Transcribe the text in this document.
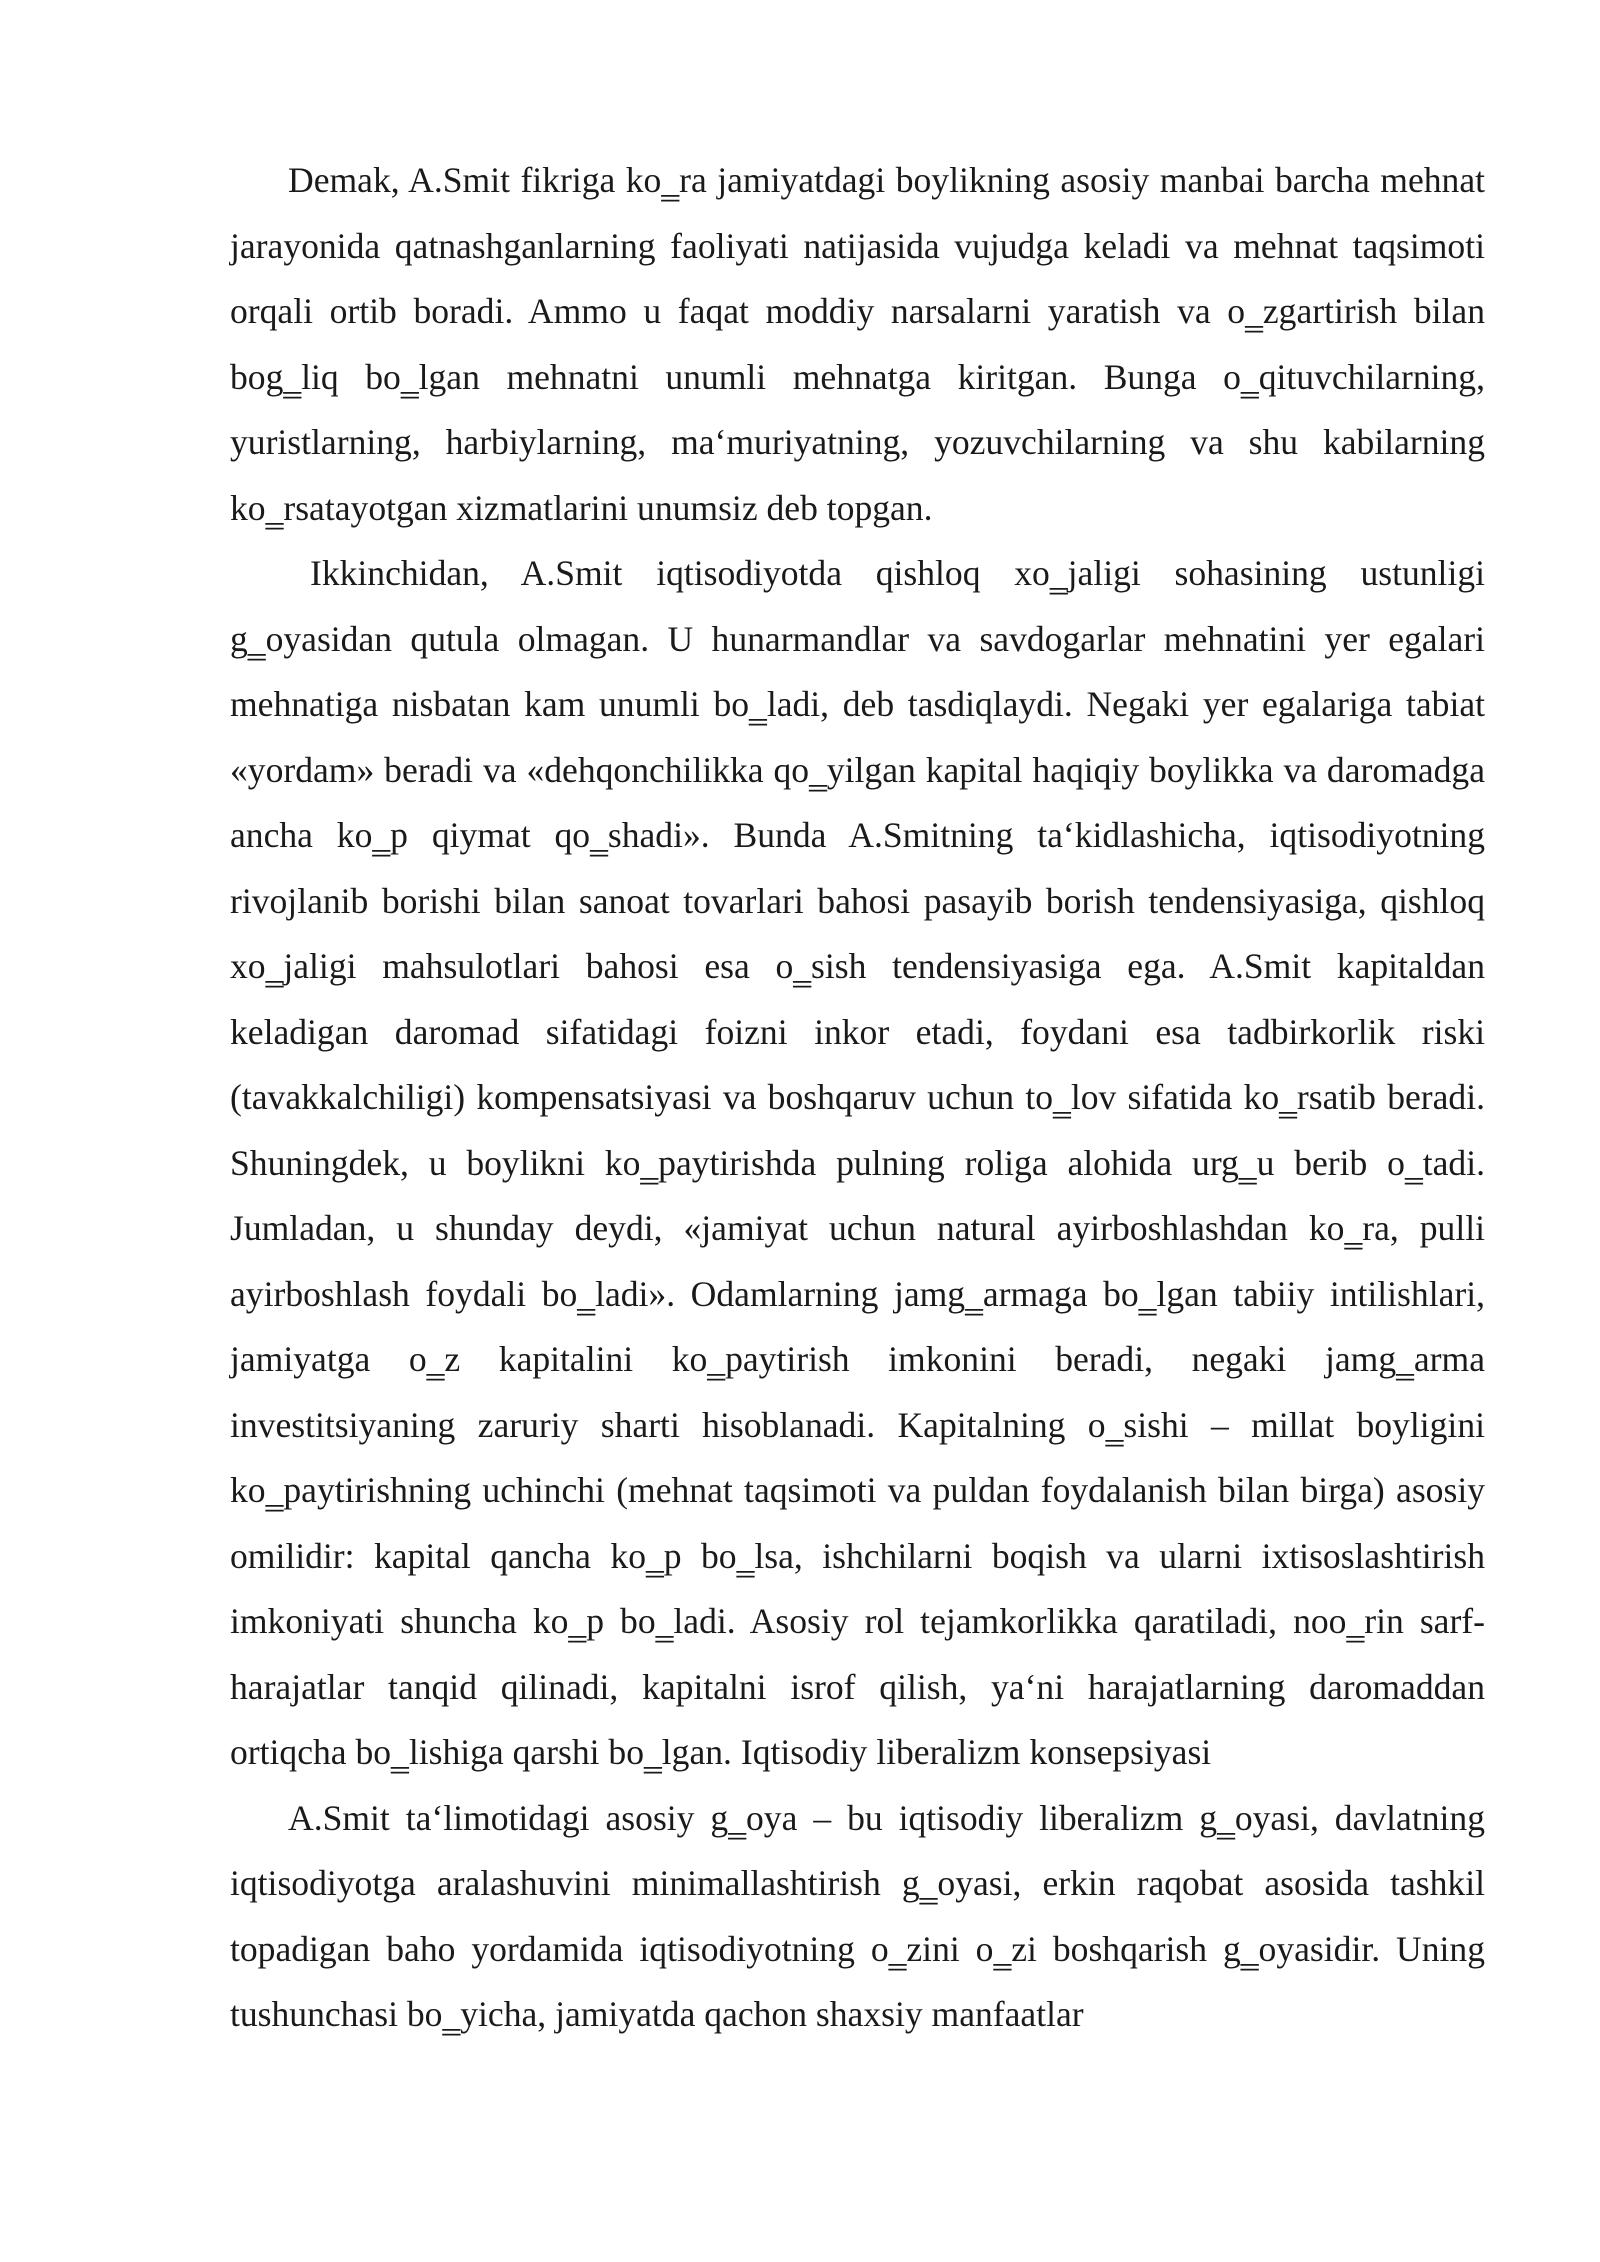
Demak, A.Smit fikriga ko‗ra jamiyatdagi boylikning asosiy manbai barcha mehnat jarayonida qatnashganlarning faoliyati natijasida vujudga keladi va mehnat taqsimoti orqali ortib boradi. Ammo u faqat moddiy narsalarni yaratish va o‗zgartirish bilan bog‗liq bo‗lgan mehnatni unumli mehnatga kiritgan. Bunga o‗qituvchilarning, yuristlarning, harbiylarning, ma‘muriyatning, yozuvchilarning va shu kabilarning ko‗rsatayotgan xizmatlarini unumsiz deb topgan.

Ikkinchidan, A.Smit iqtisodiyotda qishloq xo‗jaligi sohasining ustunligi g‗oyasidan qutula olmagan. U hunarmandlar va savdogarlar mehnatini yer egalari mehnatiga nisbatan kam unumli bo‗ladi, deb tasdiqlaydi. Negaki yer egalariga tabiat «yordam» beradi va «dehqonchilikka qo‗yilgan kapital haqiqiy boylikka va daromadga ancha ko‗p qiymat qo‗shadi». Bunda A.Smitning ta‘kidlashicha, iqtisodiyotning rivojlanib borishi bilan sanoat tovarlari bahosi pasayib borish tendensiyasiga, qishloq xo‗jaligi mahsulotlari bahosi esa o‗sish tendensiyasiga ega. A.Smit kapitaldan keladigan daromad sifatidagi foizni inkor etadi, foydani esa tadbirkorlik riski (tavakkalchiligi) kompensatsiyasi va boshqaruv uchun to‗lov sifatida ko‗rsatib beradi. Shuningdek, u boylikni ko‗paytirishda pulning roliga alohida urg‗u berib o‗tadi. Jumladan, u shunday deydi, «jamiyat uchun natural ayirboshlashdan ko‗ra, pulli ayirboshlash foydali bo‗ladi». Odamlarning jamg‗armaga bo‗lgan tabiiy intilishlari, jamiyatga o‗z kapitalini ko‗paytirish imkonini beradi, negaki jamg‗arma investitsiyaning zaruriy sharti hisoblanadi. Kapitalning o‗sishi – millat boyligini ko‗paytirishning uchinchi (mehnat taqsimoti va puldan foydalanish bilan birga) asosiy omilidir: kapital qancha ko‗p bo‗lsa, ishchilarni boqish va ularni ixtisoslashtirish imkoniyati shuncha ko‗p bo‗ladi. Asosiy rol tejamkorlikka qaratiladi, noo‗rin sarf-harajatlar tanqid qilinadi, kapitalni isrof qilish, ya‘ni harajatlarning daromaddan ortiqcha bo‗lishiga qarshi bo‗lgan. Iqtisodiy liberalizm konsepsiyasi

A.Smit ta‘limotidagi asosiy g‗oya – bu iqtisodiy liberalizm g‗oyasi, davlatning iqtisodiyotga aralashuvini minimallashtirish g‗oyasi, erkin raqobat asosida tashkil topadigan baho yordamida iqtisodiyotning o‗zini o‗zi boshqarish g‗oyasidir. Uning tushunchasi bo‗yicha, jamiyatda qachon shaxsiy manfaatlar
